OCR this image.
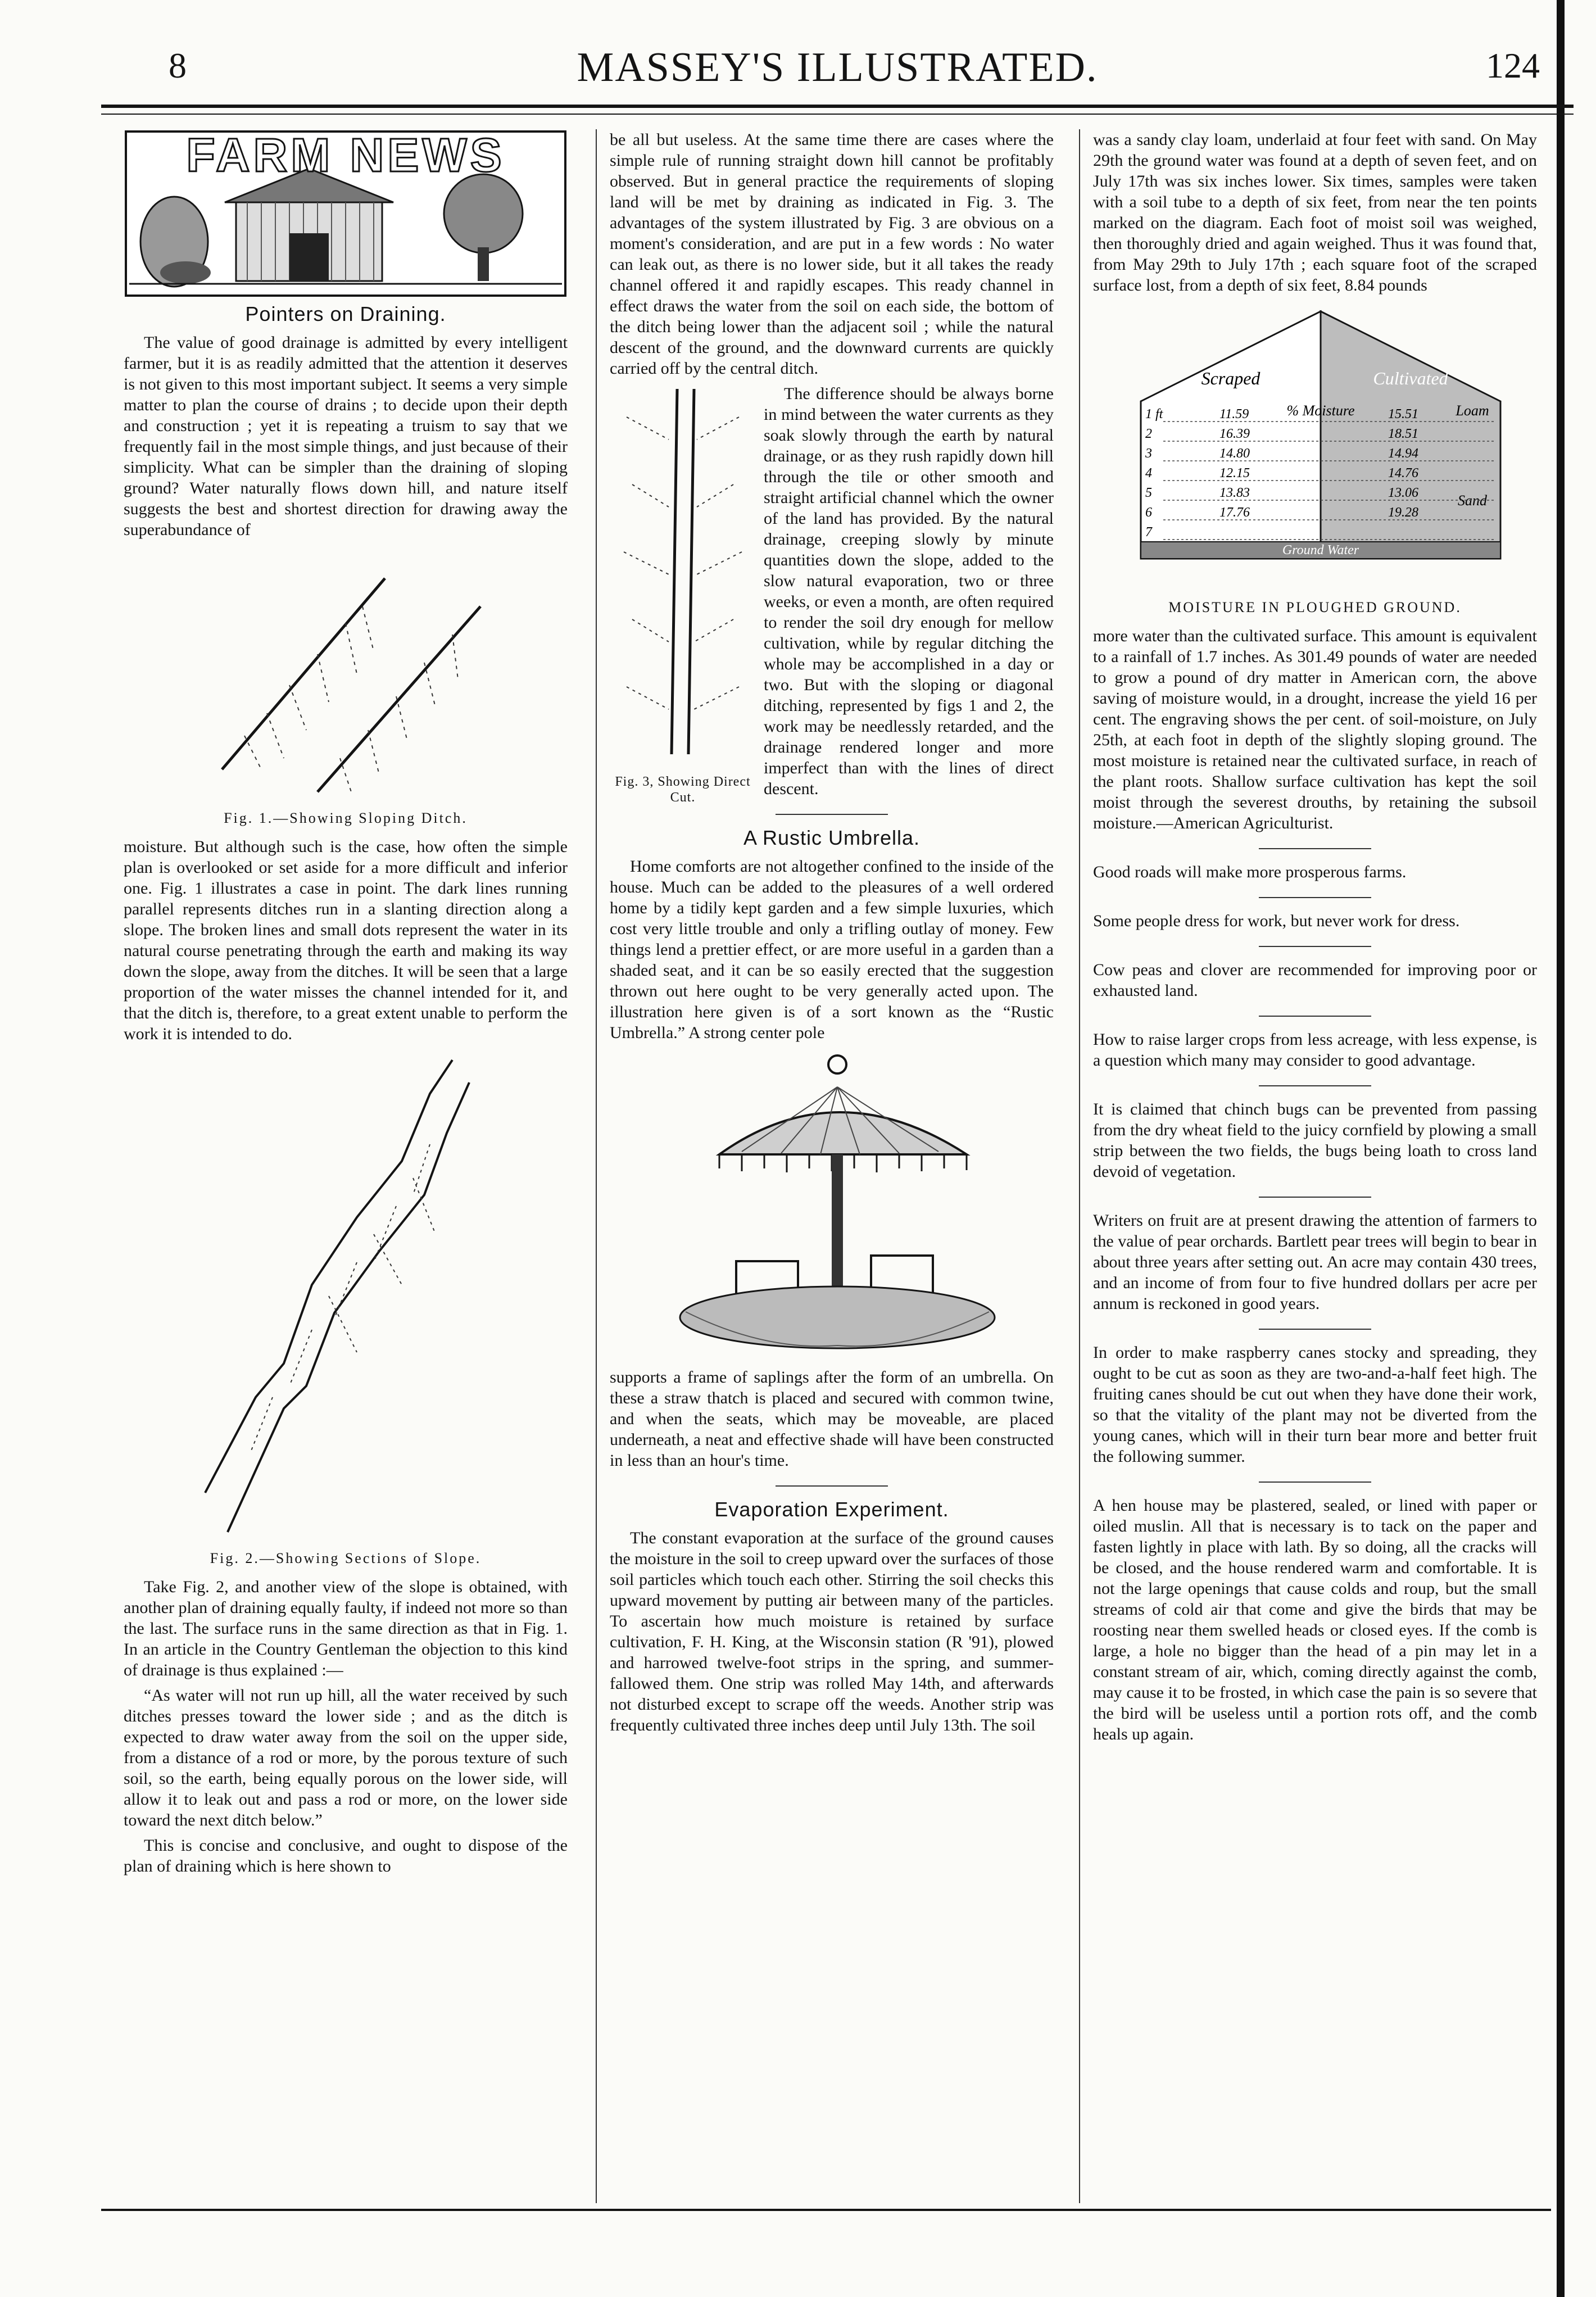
8	MASSEY'S ILLUSTRATED.	124
FARM NEWS
Pointers on Draining.

The value of good drainage is admitted by every intelligent farmer, but it is as readily admitted that the attention it deserves is not given to this most important subject. It seems a very simple matter to plan the course of drains ; to decide upon their depth and construction ; yet it is repeating a truism to say that we frequently fail in the most simple things, and just because of their simplicity. What can be simpler than the draining of sloping ground? Water naturally flows down hill, and nature itself suggests the best and shortest direction for drawing away the superabundance of

Fig. 1.—Showing Sloping Ditch.

moisture. But although such is the case, how often the simple plan is overlooked or set aside for a more difficult and inferior one. Fig. 1 illustrates a case in point. The dark lines running parallel represents ditches run in a slanting direction along a slope. The broken lines and small dots represent the water in its natural course penetrating through the earth and making its way down the slope, away from the ditches. It will be seen that a large proportion of the water misses the channel intended for it, and that the ditch is, therefore, to a great extent unable to perform the work it is intended to do.

Fig. 2.—Showing Sections of Slope.

Take Fig. 2, and another view of the slope is obtained, with another plan of draining equally faulty, if indeed not more so than the last. The surface runs in the same direction as that in Fig. 1. In an article in the Country Gentleman the objection to this kind of drainage is thus explained :—

“As water will not run up hill, all the water received by such ditches presses toward the lower side ; and as the ditch is expected to draw water away from the soil on the upper side, from a distance of a rod or more, by the porous texture of such soil, so the earth, being equally porous on the lower side, will allow it to leak out and pass a rod or more, on the lower side toward the next ditch below.”

This is concise and conclusive, and ought to dispose of the plan of draining which is here shown to

be all but useless. At the same time there are cases where the simple rule of running straight down hill cannot be profitably observed. But in general practice the requirements of sloping land will be met by draining as indicated in Fig. 3. The advantages of the system illustrated by Fig. 3 are obvious on a moment's consideration, and are put in a few words : No water can leak out, as there is no lower side, but it all takes the ready channel offered it and rapidly escapes. This ready channel in effect draws the water from the soil on each side, the bottom of the ditch being lower than the adjacent soil ; while the natural descent of the ground, and the downward currents are quickly carried off by the central ditch.

Fig. 3, Showing Direct Cut.

The difference should be always borne in mind between the water currents as they soak slowly through the earth by natural drainage, or as they rush rapidly down hill through the tile or other smooth and straight artificial channel which the owner of the land has provided. By the natural drainage, creeping slowly by minute quantities down the slope, added to the slow natural evaporation, two or three weeks, or even a month, are often required to render the soil dry enough for mellow cultivation, while by regular ditching the whole may be accomplished in a day or two. But with the sloping or diagonal ditching, represented by figs 1 and 2, the work may be needlessly retarded, and the drainage rendered longer and more imperfect than with the lines of direct descent.

A Rustic Umbrella.

Home comforts are not altogether confined to the inside of the house. Much can be added to the pleasures of a well ordered home by a tidily kept garden and a few simple luxuries, which cost very little trouble and only a trifling outlay of money. Few things lend a prettier effect, or are more useful in a garden than a shaded seat, and it can be so easily erected that the suggestion thrown out here ought to be very generally acted upon. The illustration here given is of a sort known as the “Rustic Umbrella.” A strong center pole

supports a frame of saplings after the form of an umbrella. On these a straw thatch is placed and secured with common twine, and when the seats, which may be moveable, are placed underneath, a neat and effective shade will have been constructed in less than an hour's time.

Evaporation Experiment.

The constant evaporation at the surface of the ground causes the moisture in the soil to creep upward over the surfaces of those soil particles which touch each other. Stirring the soil checks this upward movement by putting air between many of the particles. To ascertain how much moisture is retained by surface cultivation, F. H. King, at the Wisconsin station (R '91), plowed and harrowed twelve-foot strips in the spring, and summer-fallowed them. One strip was rolled May 14th, and afterwards not disturbed except to scrape off the weeds. Another strip was frequently cultivated three inches deep until July 13th. The soil

was a sandy clay loam, underlaid at four feet with sand. On May 29th the ground water was found at a depth of seven feet, and on July 17th was six inches lower. Six times, samples were taken with a soil tube to a depth of six feet, from near the ten points marked on the diagram. Each foot of moist soil was weighed, then thoroughly dried and again weighed. Thus it was found that, from May 29th to July 17th ; each square foot of the scraped surface lost, from a depth of six feet, 8.84 pounds

Scraped	Cultivated
% Moisture	Loam
Sand
Ground Water
1 ft	11.59	15.51
2	16.39	18.51
3	14.80	14.94
4	12.15	14.76
5	13.83	13.06
6	17.76	19.28
7
MOISTURE IN PLOUGHED GROUND.

more water than the cultivated surface. This amount is equivalent to a rainfall of 1.7 inches. As 301.49 pounds of water are needed to grow a pound of dry matter in American corn, the above saving of moisture would, in a drought, increase the yield 16 per cent. The engraving shows the per cent. of soil-moisture, on July 25th, at each foot in depth of the slightly sloping ground. The most moisture is retained near the cultivated surface, in reach of the plant roots. Shallow surface cultivation has kept the soil moist through the severest drouths, by retaining the subsoil moisture.—American Agriculturist.

Good roads will make more prosperous farms.

Some people dress for work, but never work for dress.

Cow peas and clover are recommended for improving poor or exhausted land.

How to raise larger crops from less acreage, with less expense, is a question which many may consider to good advantage.

It is claimed that chinch bugs can be prevented from passing from the dry wheat field to the juicy cornfield by plowing a small strip between the two fields, the bugs being loath to cross land devoid of vegetation.

Writers on fruit are at present drawing the attention of farmers to the value of pear orchards. Bartlett pear trees will begin to bear in about three years after setting out. An acre may contain 430 trees, and an income of from four to five hundred dollars per acre per annum is reckoned in good years.

In order to make raspberry canes stocky and spreading, they ought to be cut as soon as they are two-and-a-half feet high. The fruiting canes should be cut out when they have done their work, so that the vitality of the plant may not be diverted from the young canes, which will in their turn bear more and better fruit the following summer.

A hen house may be plastered, sealed, or lined with paper or oiled muslin. All that is necessary is to tack on the paper and fasten lightly in place with lath. By so doing, all the cracks will be closed, and the house rendered warm and comfortable. It is not the large openings that cause colds and roup, but the small streams of cold air that come and give the birds that may be roosting near them swelled heads or closed eyes. If the comb is large, a hole no bigger than the head of a pin may let in a constant stream of air, which, coming directly against the comb, may cause it to be frosted, in which case the pain is so severe that the bird will be useless until a portion rots off, and the comb heals up again.
